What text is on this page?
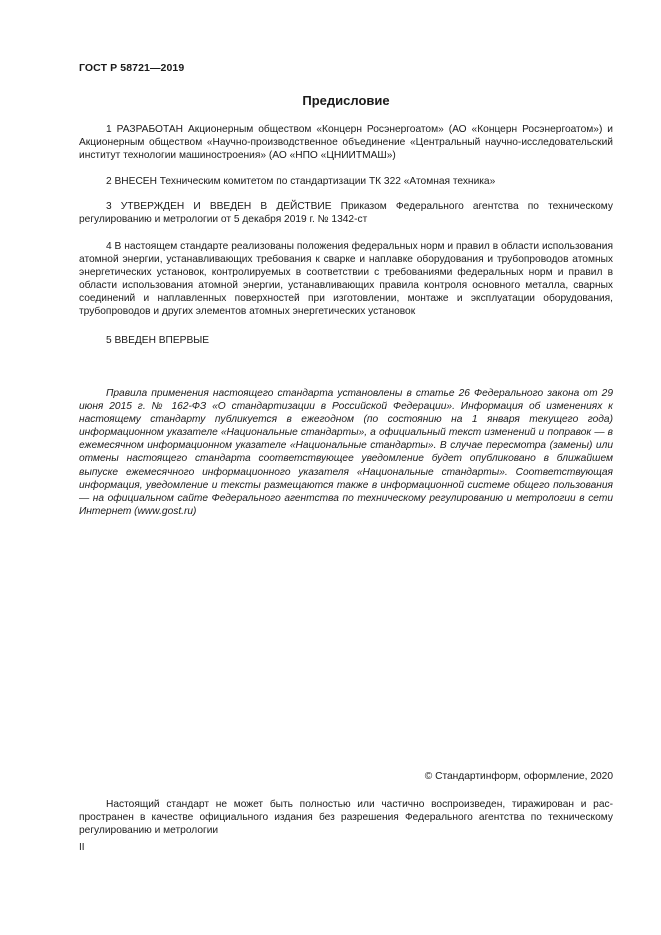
ГОСТ Р 58721—2019
Предисловие

1 РАЗРАБОТАН Акционерным обществом «Концерн Росэнергоатом» (АО «Концерн Росэнергоатом») и Акционерным обществом «Научно-производственное объединение «Центральный научно-исследовательский институт технологии машиностроения» (АО «НПО «ЦНИИТМАШ»)

2 ВНЕСЕН Техническим комитетом по стандартизации ТК 322 «Атомная техника»

3 УТВЕРЖДЕН И ВВЕДЕН В ДЕЙСТВИЕ Приказом Федерального агентства по техническому регулированию и метрологии от 5 декабря 2019 г. № 1342-ст

4 В настоящем стандарте реализованы положения федеральных норм и правил в области использования атомной энергии, устанавливающих требования к сварке и наплавке оборудования и трубопроводов атомных энергетических установок, контролируемых в соответствии с требованиями федеральных норм и правил в области использования атомной энергии, устанавливающих правила контроля основного металла, сварных соединений и наплавленных поверхностей при изготовлении, монтаже и эксплуатации оборудования, трубопроводов и других элементов атомных энергетических установок

5 ВВЕДЕН ВПЕРВЫЕ

Правила применения настоящего стандарта установлены в статье 26 Федерального закона от 29 июня 2015 г. № 162-ФЗ «О стандартизации в Российской Федерации». Информация об изменениях к настоящему стандарту публикуется в ежегодном (по состоянию на 1 января текущего года) информационном указателе «Национальные стандарты», а официальный текст изменений и поправок — в ежемесячном информационном указателе «Национальные стандарты». В случае пересмотра (замены) или отмены настоящего стандарта соответствующее уведомление будет опубликовано в ближайшем выпуске ежемесячного информационного указателя «Национальные стандарты». Соответствующая информация, уведомление и тексты размещаются также в информационной системе общего пользования — на официальном сайте Федерального агентства по техническому регулированию и метрологии в сети Интернет (www.gost.ru)

© Стандартинформ, оформление, 2020

Настоящий стандарт не может быть полностью или частично воспроизведен, тиражирован и распространен в качестве официального издания без разрешения Федерального агентства по техническому регулированию и метрологии

II
